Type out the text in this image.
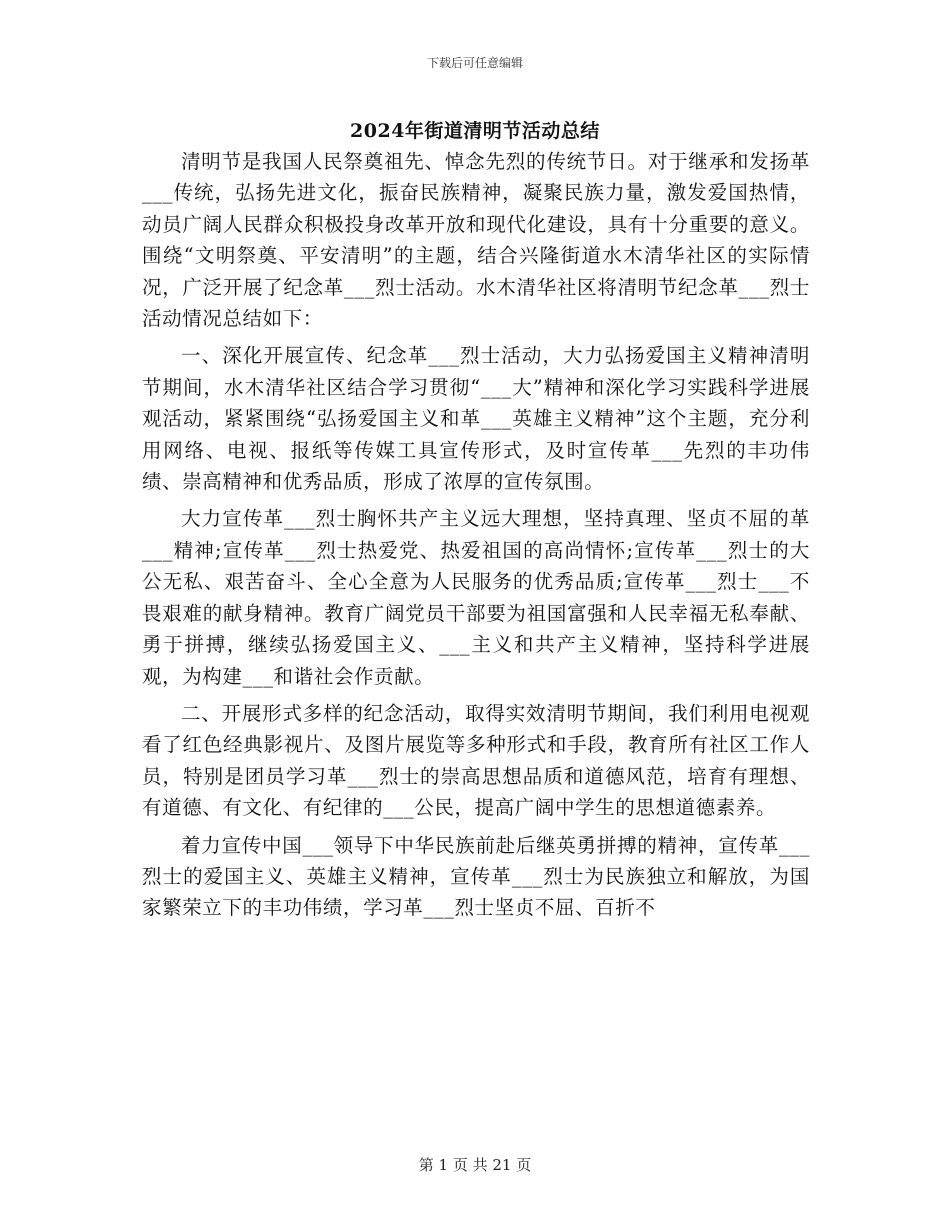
下载后可任意编辑
2024年街道清明节活动总结

清明节是我国人民祭奠祖先、悼念先烈的传统节日。对于继承和发扬革___传统，弘扬先进文化，振奋民族精神，凝聚民族力量，激发爱国热情，动员广阔人民群众积极投身改革开放和现代化建设，具有十分重要的意义。围绕“文明祭奠、平安清明”的主题，结合兴隆街道水木清华社区的实际情况，广泛开展了纪念革___烈士活动。水木清华社区将清明节纪念革___烈士活动情况总结如下：

一、深化开展宣传、纪念革___烈士活动，大力弘扬爱国主义精神清明节期间，水木清华社区结合学习贯彻“___大”精神和深化学习实践科学进展观活动，紧紧围绕“弘扬爱国主义和革___英雄主义精神”这个主题，充分利用网络、电视、报纸等传媒工具宣传形式，及时宣传革___先烈的丰功伟绩、崇高精神和优秀品质，形成了浓厚的宣传氛围。

大力宣传革___烈士胸怀共产主义远大理想，坚持真理、坚贞不屈的革___精神;宣传革___烈士热爱党、热爱祖国的高尚情怀;宣传革___烈士的大公无私、艰苦奋斗、全心全意为人民服务的优秀品质;宣传革___烈士___不畏艰难的献身精神。教育广阔党员干部要为祖国富强和人民幸福无私奉献、勇于拼搏，继续弘扬爱国主义、___主义和共产主义精神，坚持科学进展观，为构建___和谐社会作贡献。

二、开展形式多样的纪念活动，取得实效清明节期间，我们利用电视观看了红色经典影视片、及图片展览等多种形式和手段，教育所有社区工作人员，特别是团员学习革___烈士的崇高思想品质和道德风范，培育有理想、有道德、有文化、有纪律的___公民，提高广阔中学生的思想道德素养。

着力宣传中国___领导下中华民族前赴后继英勇拼搏的精神，宣传革___烈士的爱国主义、英雄主义精神，宣传革___烈士为民族独立和解放，为国家繁荣立下的丰功伟绩，学习革___烈士坚贞不屈、百折不

第 1 页 共 21 页
